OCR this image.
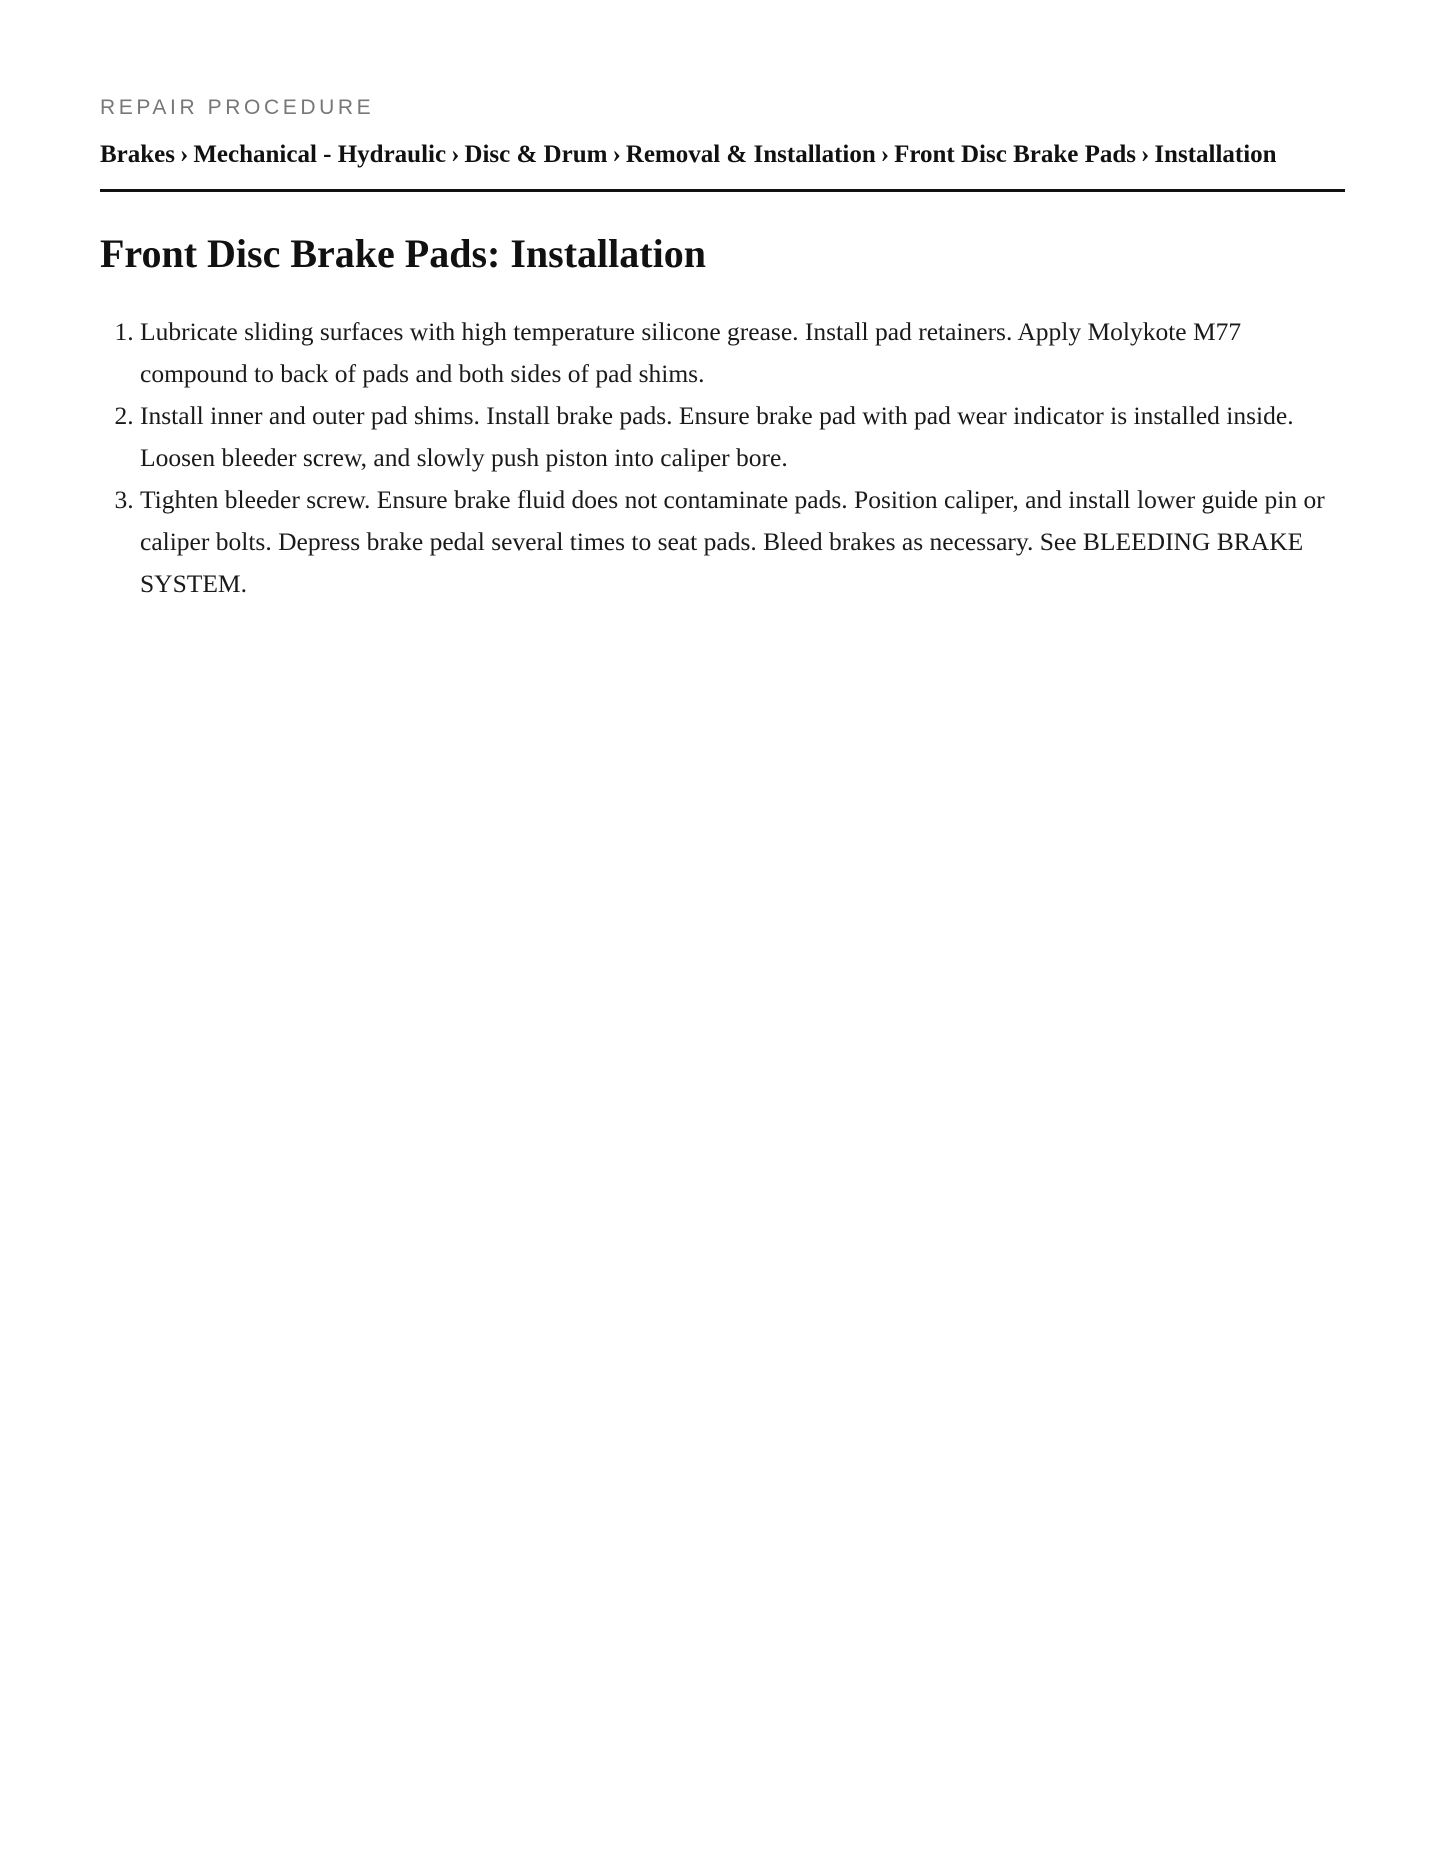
REPAIR PROCEDURE
Brakes › Mechanical - Hydraulic › Disc & Drum › Removal & Installation › Front Disc Brake Pads › Installation
Front Disc Brake Pads: Installation
1. Lubricate sliding surfaces with high temperature silicone grease. Install pad retainers. Apply Molykote M77 compound to back of pads and both sides of pad shims.
2. Install inner and outer pad shims. Install brake pads. Ensure brake pad with pad wear indicator is installed inside. Loosen bleeder screw, and slowly push piston into caliper bore.
3. Tighten bleeder screw. Ensure brake fluid does not contaminate pads. Position caliper, and install lower guide pin or caliper bolts. Depress brake pedal several times to seat pads. Bleed brakes as necessary. See BLEEDING BRAKE SYSTEM.
